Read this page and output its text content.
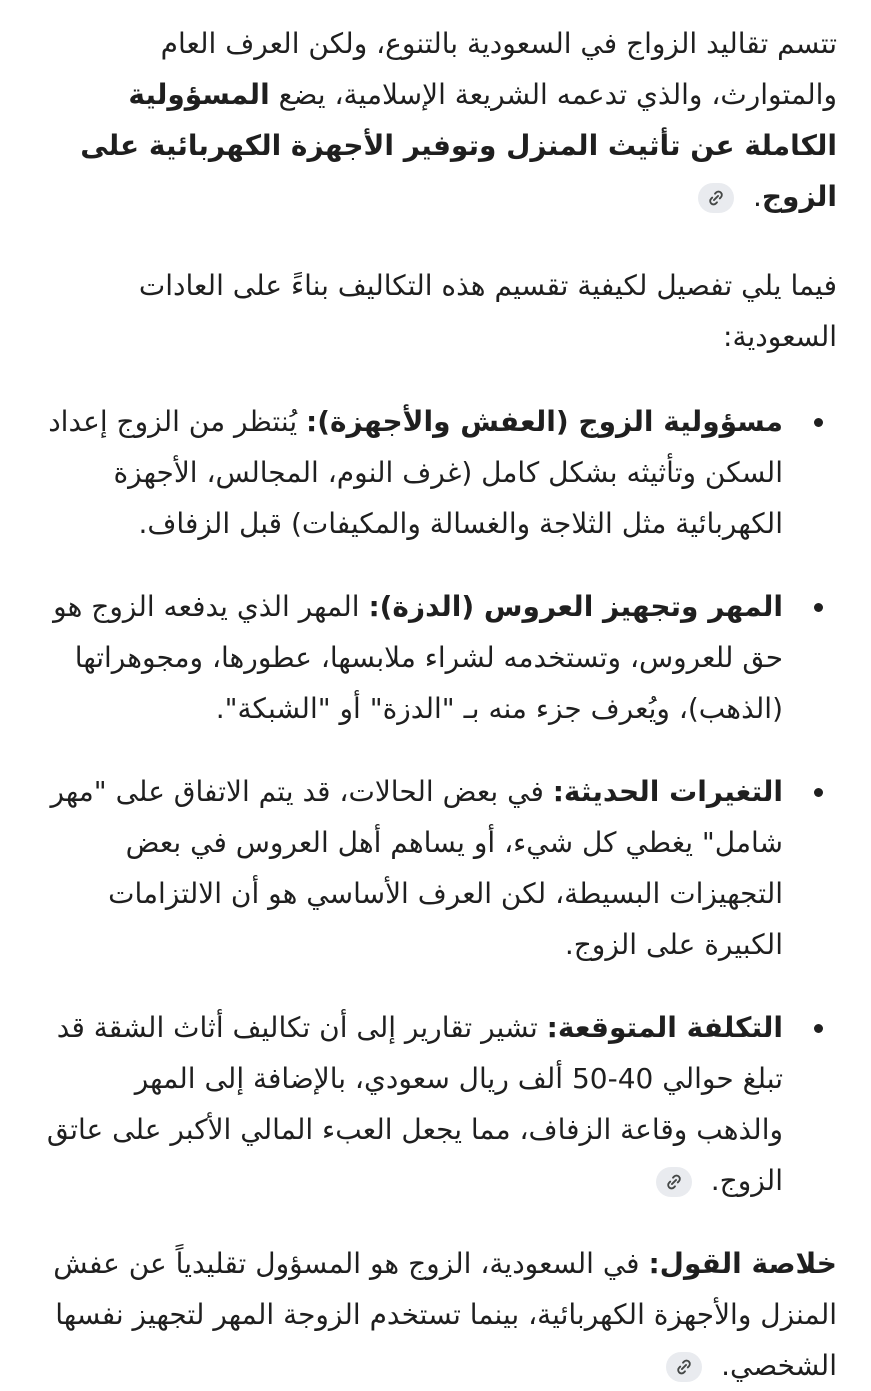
تتسم تقاليد الزواج في السعودية بالتنوع، ولكن العرف العام والمتوارث، والذي تدعمه الشريعة الإسلامية، يضع المسؤولية الكاملة عن تأثيث المنزل وتوفير الأجهزة الكهربائية على الزوج.

فيما يلي تفصيل لكيفية تقسيم هذه التكاليف بناءً على العادات السعودية:

مسؤولية الزوج (العفش والأجهزة): يُنتظر من الزوج إعداد السكن وتأثيثه بشكل كامل (غرف النوم، المجالس، الأجهزة الكهربائية مثل الثلاجة والغسالة والمكيفات) قبل الزفاف.
المهر وتجهيز العروس (الدزة): المهر الذي يدفعه الزوج هو حق للعروس، وتستخدمه لشراء ملابسها، عطورها، ومجوهراتها (الذهب)، ويُعرف جزء منه بـ "الدزة" أو "الشبكة".
التغيرات الحديثة: في بعض الحالات، قد يتم الاتفاق على "مهر شامل" يغطي كل شيء، أو يساهم أهل العروس في بعض التجهيزات البسيطة، لكن العرف الأساسي هو أن الالتزامات الكبيرة على الزوج.
التكلفة المتوقعة: تشير تقارير إلى أن تكاليف أثاث الشقة قد تبلغ حوالي 40-50 ألف ريال سعودي، بالإضافة إلى المهر والذهب وقاعة الزفاف، مما يجعل العبء المالي الأكبر على عاتق الزوج.

خلاصة القول: في السعودية، الزوج هو المسؤول تقليدياً عن عفش المنزل والأجهزة الكهربائية، بينما تستخدم الزوجة المهر لتجهيز نفسها الشخصي.
